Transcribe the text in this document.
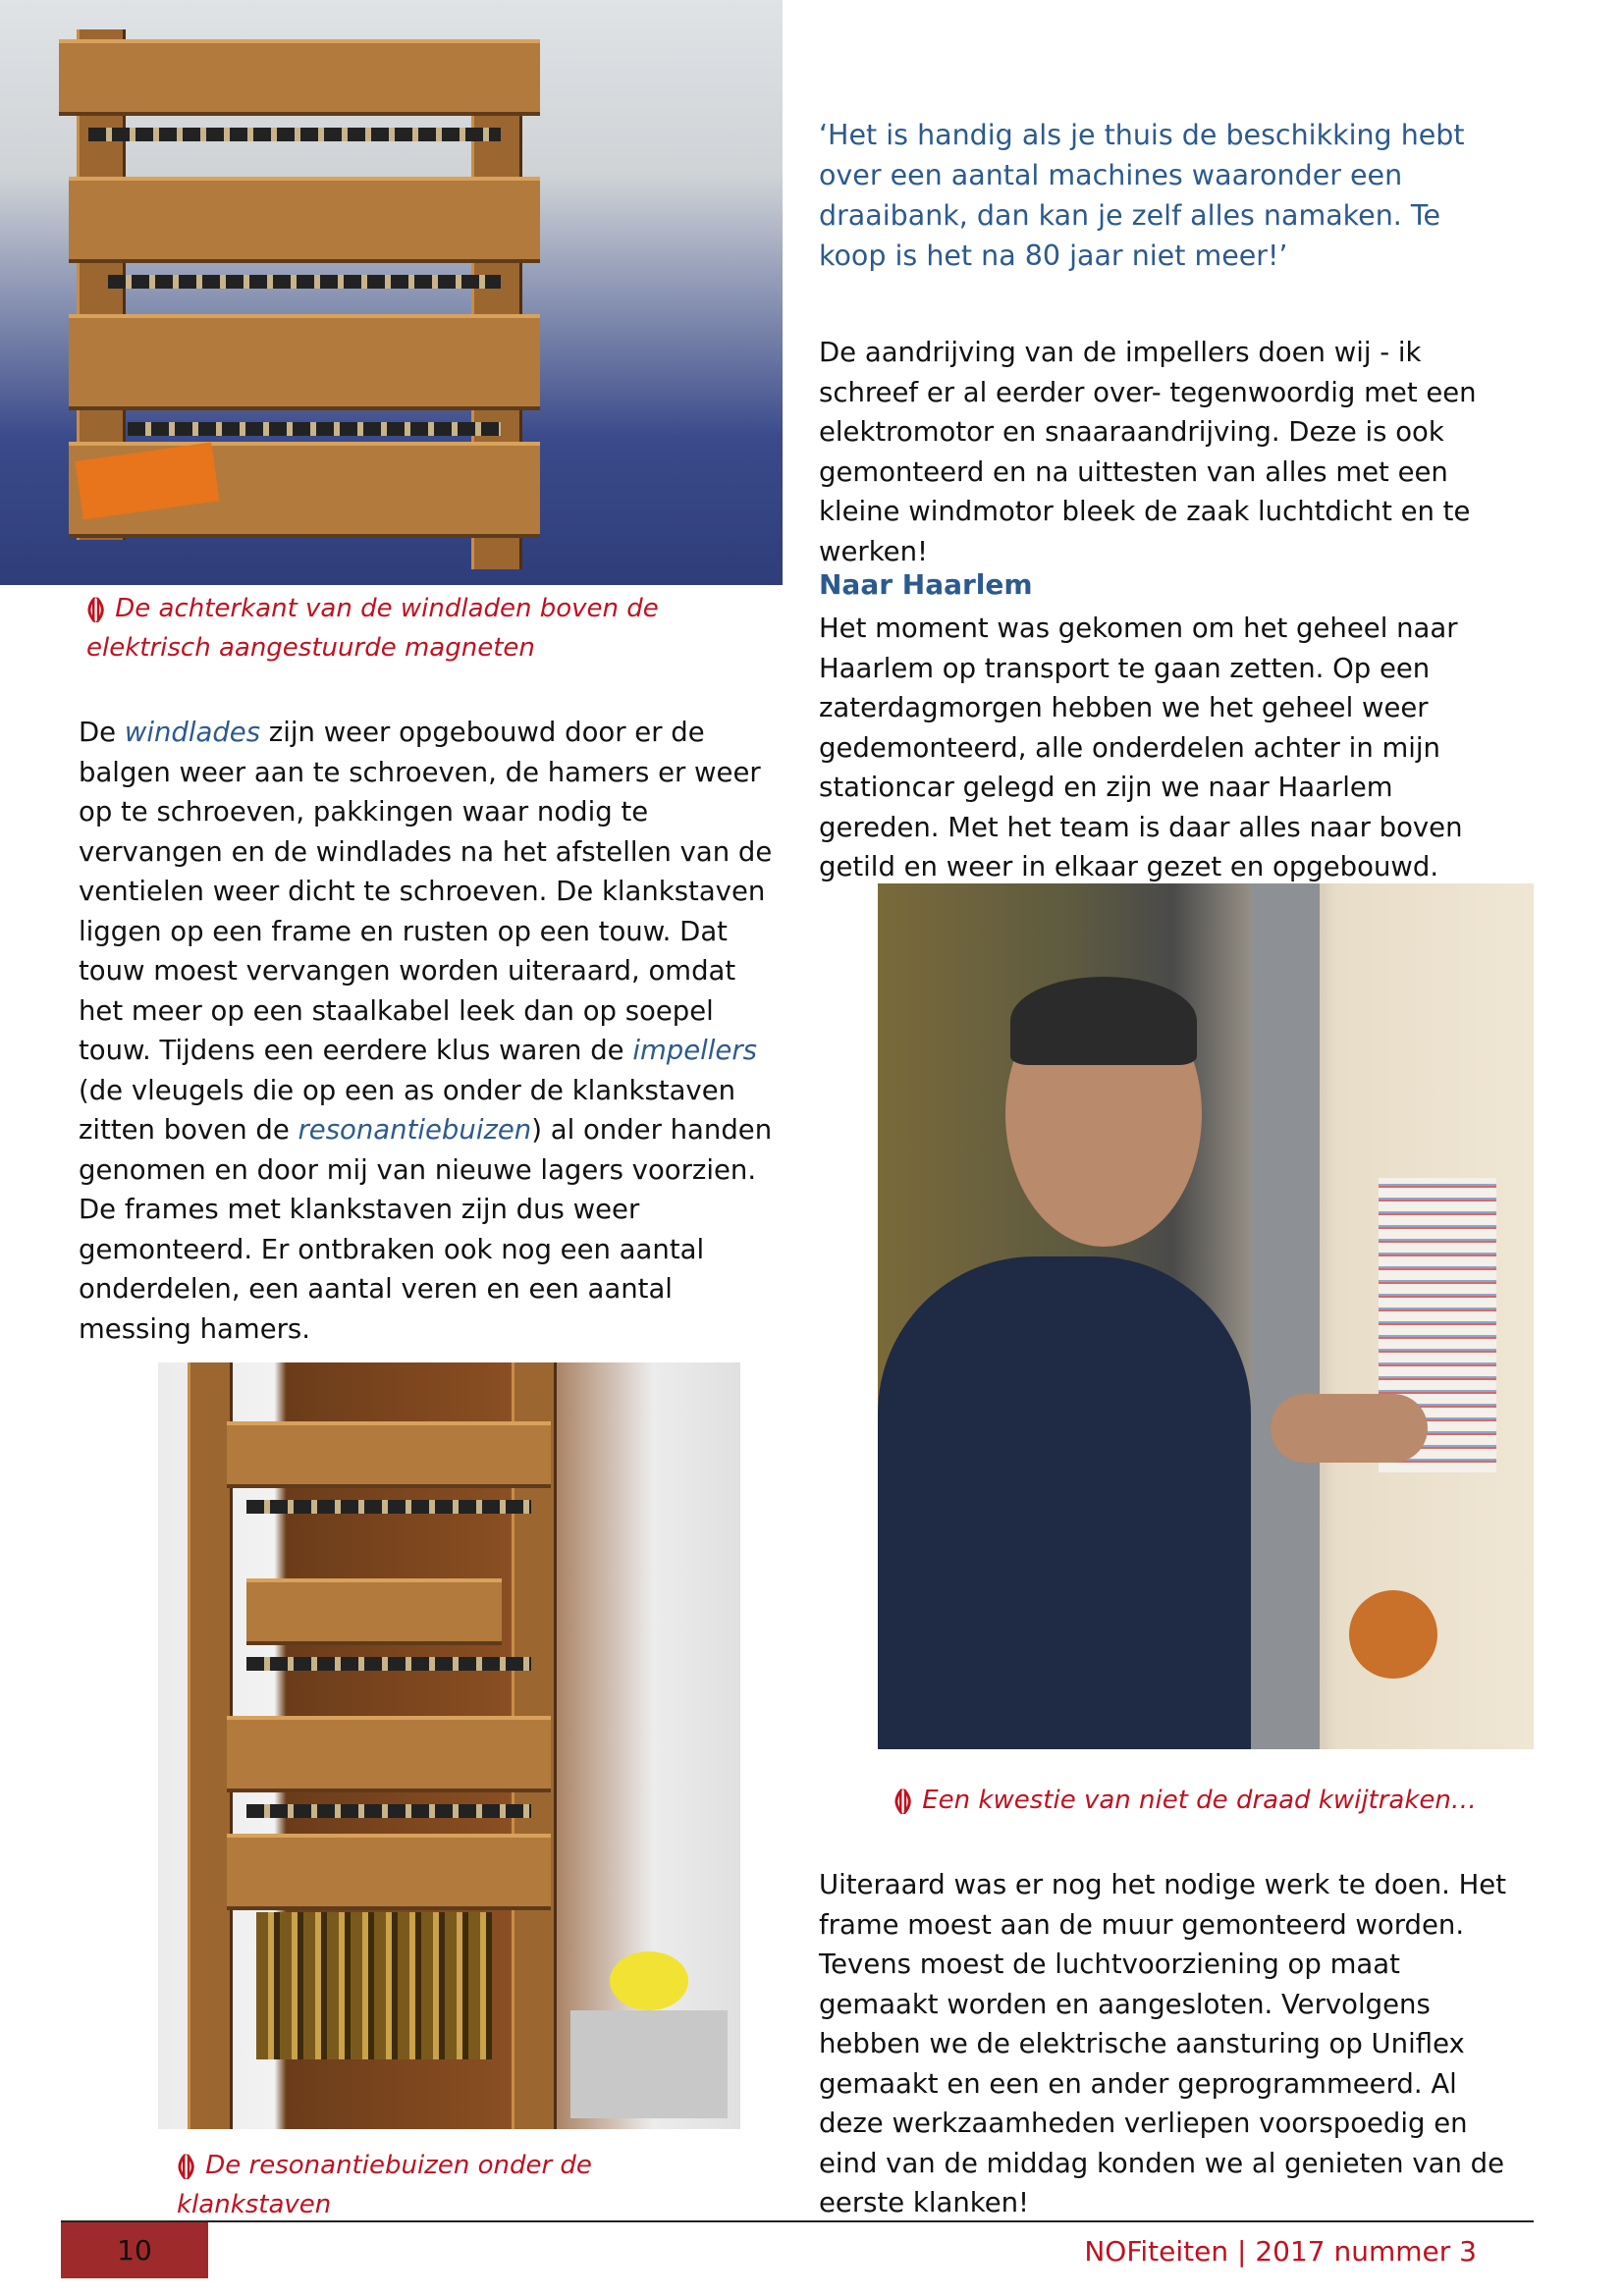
⟬⟭ De achterkant van de windladen boven de elektrisch aangestuurde magneten

De windlades zijn weer opgebouwd door er de balgen weer aan te schroeven, de hamers er weer op te schroeven, pakkingen waar nodig te vervangen en de windlades na het afstellen van de ventielen weer dicht te schroeven. De klankstaven liggen op een frame en rusten op een touw. Dat touw moest vervangen worden uiteraard, omdat het meer op een staalkabel leek dan op soepel touw. Tijdens een eerdere klus waren de impellers (de vleugels die op een as onder de klankstaven zitten boven de resonantiebuizen) al onder handen genomen en door mij van nieuwe lagers voorzien.

De frames met klankstaven zijn dus weer gemonteerd. Er ontbraken ook nog een aantal onderdelen, een aantal veren en een aantal messing hamers.

⟬⟭ De resonantiebuizen onder de klankstaven

‘Het is handig als je thuis de beschikking hebt over een aantal machines waaronder een draaibank, dan kan je zelf alles namaken. Te koop is het na 80 jaar niet meer!’

De aandrijving van de impellers doen wij - ik schreef er al eerder over- tegenwoordig met een elektromotor en snaaraandrijving. Deze is ook gemonteerd en na uittesten van alles met een kleine windmotor bleek de zaak luchtdicht en te werken!

Naar Haarlem

Het moment was gekomen om het geheel naar Haarlem op transport te gaan zetten. Op een zaterdagmorgen hebben we het geheel weer gedemonteerd, alle onderdelen achter in mijn stationcar gelegd en zijn we naar Haarlem gereden. Met het team is daar alles naar boven getild en weer in elkaar gezet en opgebouwd.

⟬⟭ Een kwestie van niet de draad kwijtraken…

Uiteraard was er nog het nodige werk te doen. Het frame moest aan de muur gemonteerd worden. Tevens moest de luchtvoorziening op maat gemaakt worden en aangesloten. Vervolgens hebben we de elektrische aansturing op Uniflex gemaakt en een en ander geprogrammeerd. Al deze werkzaamheden verliepen voorspoedig en eind van de middag konden we al genieten van de eerste klanken!

10	NOFiteiten | 2017 nummer 3
